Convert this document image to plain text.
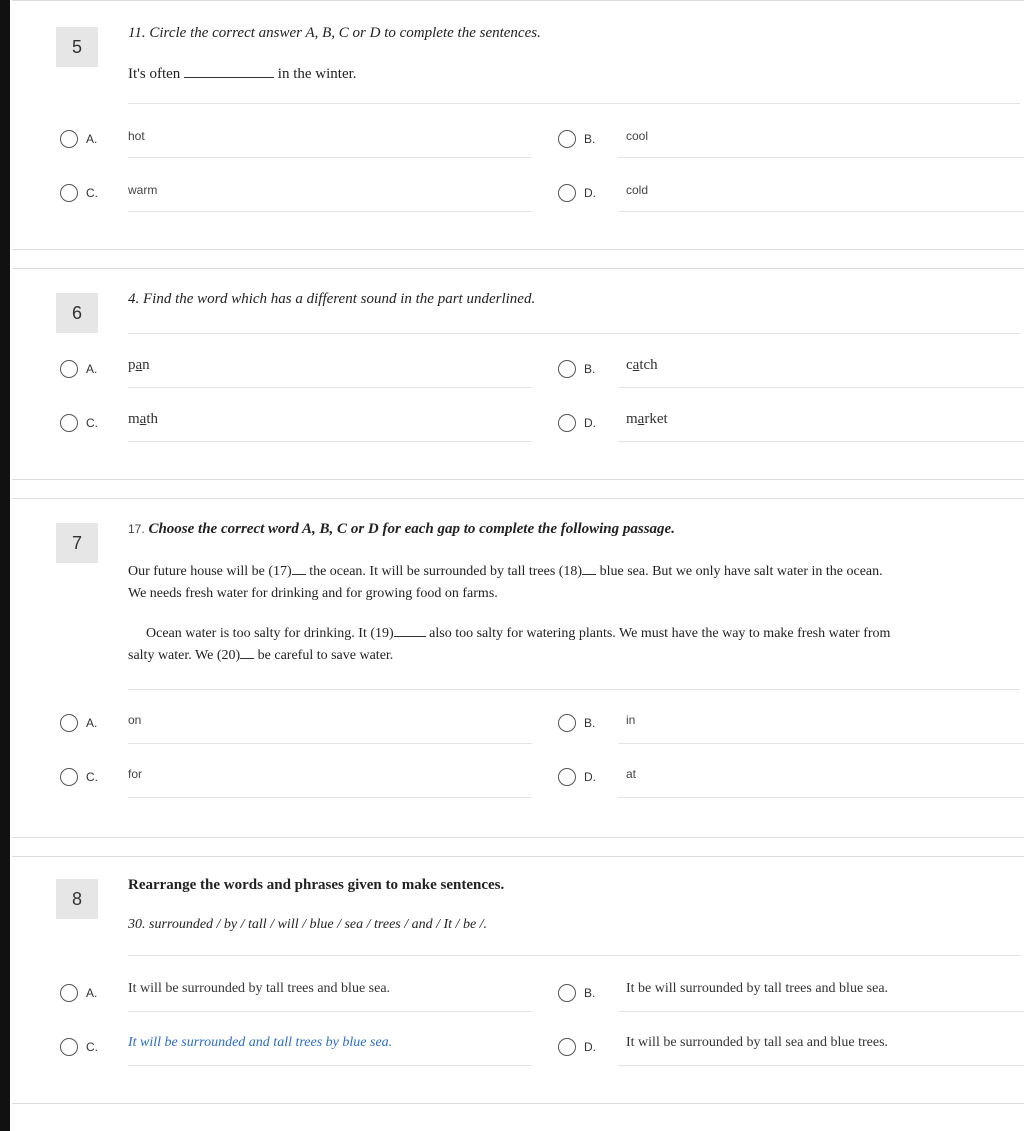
5
11. Circle the correct answer A, B, C or D to complete the sentences.
It's often	in the winter.
A.	hot	B.	cool
C.	warm	D.	cold
6
4. Find the word which has a different sound in the part underlined.
A.	pan	B.	catch
C.	math	D.	market
7
17. Choose the correct word A, B, C or D for each gap to complete the following passage.
Our future house will be (17) the ocean. It will be surrounded by tall trees (18) blue sea. But we only have salt water in the ocean.
We needs fresh water for drinking and for growing food on farms.
Ocean water is too salty for drinking. It (19) also too salty for watering plants. We must have the way to make fresh water from
salty water. We (20) be careful to save water.
A.	on	B.	in
C.	for	D.	at
8
Rearrange the words and phrases given to make sentences.
30. surrounded / by / tall / will / blue / sea / trees / and / It / be /.
A.	It will be surrounded by tall trees and blue sea.	B.	It be will surrounded by tall trees and blue sea.
C.	It will be surrounded and tall trees by blue sea.	D.	It will be surrounded by tall sea and blue trees.
